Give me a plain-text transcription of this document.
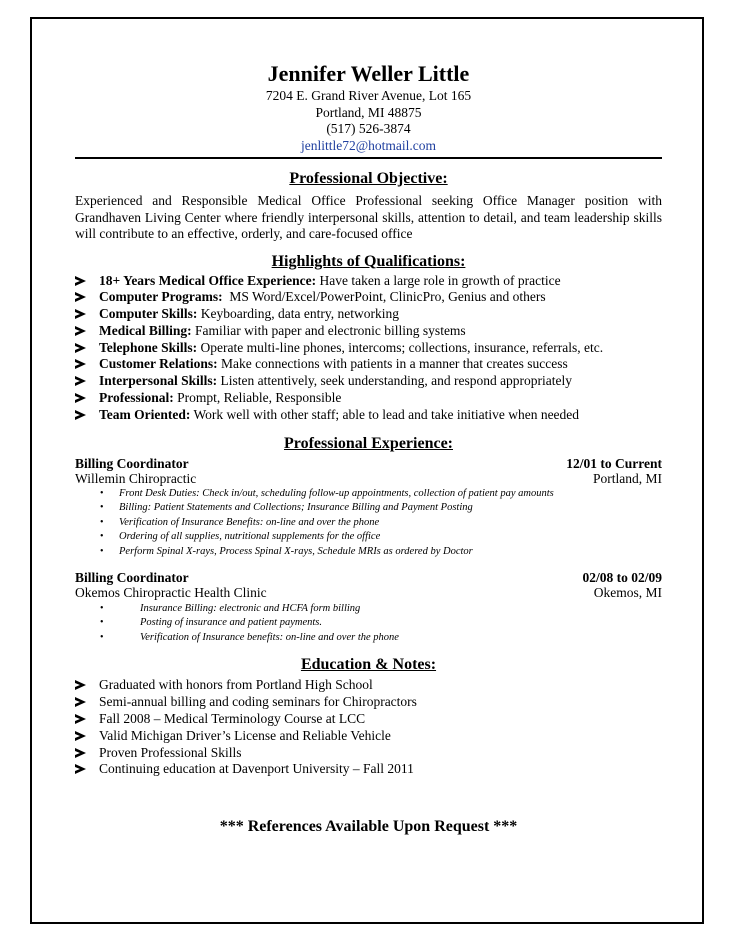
Jennifer Weller Little
7204 E. Grand River Avenue, Lot 165
Portland, MI 48875
(517) 526-3874
jenlittle72@hotmail.com
Professional Objective:
Experienced and Responsible Medical Office Professional seeking Office Manager position with Grandhaven Living Center where friendly interpersonal skills, attention to detail, and team leadership skills will contribute to an effective, orderly, and care-focused office
Highlights of Qualifications:
18+ Years Medical Office Experience: Have taken a large role in growth of practice
Computer Programs:  MS Word/Excel/PowerPoint, ClinicPro, Genius and others
Computer Skills: Keyboarding, data entry, networking
Medical Billing: Familiar with paper and electronic billing systems
Telephone Skills: Operate multi-line phones, intercoms; collections, insurance, referrals, etc.
Customer Relations: Make connections with patients in a manner that creates success
Interpersonal Skills: Listen attentively, seek understanding, and respond appropriately
Professional: Prompt, Reliable, Responsible
Team Oriented: Work well with other staff; able to lead and take initiative when needed
Professional Experience:
Billing Coordinator	12/01 to Current
Willemin Chiropractic	Portland, MI
• Front Desk Duties: Check in/out, scheduling follow-up appointments, collection of patient pay amounts
• Billing: Patient Statements and Collections; Insurance Billing and Payment Posting
• Verification of Insurance Benefits: on-line and over the phone
• Ordering of all supplies, nutritional supplements for the office
• Perform Spinal X-rays, Process Spinal X-rays, Schedule MRIs as ordered by Doctor
Billing Coordinator	02/08 to 02/09
Okemos Chiropractic Health Clinic	Okemos, MI
•	Insurance Billing: electronic and HCFA form billing
•	Posting of insurance and patient payments.
•	Verification of Insurance benefits: on-line and over the phone
Education & Notes:
Graduated with honors from Portland High School
Semi-annual billing and coding seminars for Chiropractors
Fall 2008 – Medical Terminology Course at LCC
Valid Michigan Driver’s License and Reliable Vehicle
Proven Professional Skills
Continuing education at Davenport University – Fall 2011
*** References Available Upon Request ***
